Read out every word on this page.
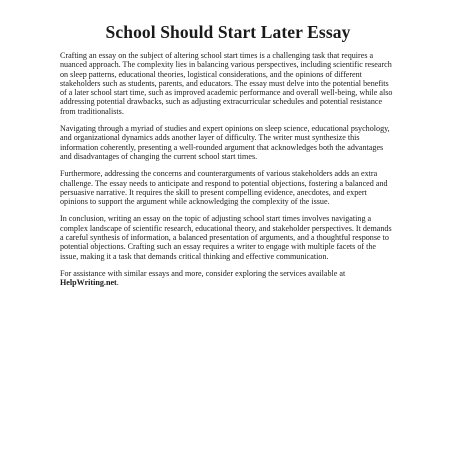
School Should Start Later Essay

Crafting an essay on the subject of altering school start times is a challenging task that requires a nuanced approach. The complexity lies in balancing various perspectives, including scientific research on sleep patterns, educational theories, logistical considerations, and the opinions of different stakeholders such as students, parents, and educators. The essay must delve into the potential benefits of a later school start time, such as improved academic performance and overall well-being, while also addressing potential drawbacks, such as adjusting extracurricular schedules and potential resistance from traditionalists.

Navigating through a myriad of studies and expert opinions on sleep science, educational psychology, and organizational dynamics adds another layer of difficulty. The writer must synthesize this information coherently, presenting a well-rounded argument that acknowledges both the advantages and disadvantages of changing the current school start times.

Furthermore, addressing the concerns and counterarguments of various stakeholders adds an extra challenge. The essay needs to anticipate and respond to potential objections, fostering a balanced and persuasive narrative. It requires the skill to present compelling evidence, anecdotes, and expert opinions to support the argument while acknowledging the complexity of the issue.

In conclusion, writing an essay on the topic of adjusting school start times involves navigating a complex landscape of scientific research, educational theory, and stakeholder perspectives. It demands a careful synthesis of information, a balanced presentation of arguments, and a thoughtful response to potential objections. Crafting such an essay requires a writer to engage with multiple facets of the issue, making it a task that demands critical thinking and effective communication.

For assistance with similar essays and more, consider exploring the services available at
HelpWriting.net.
